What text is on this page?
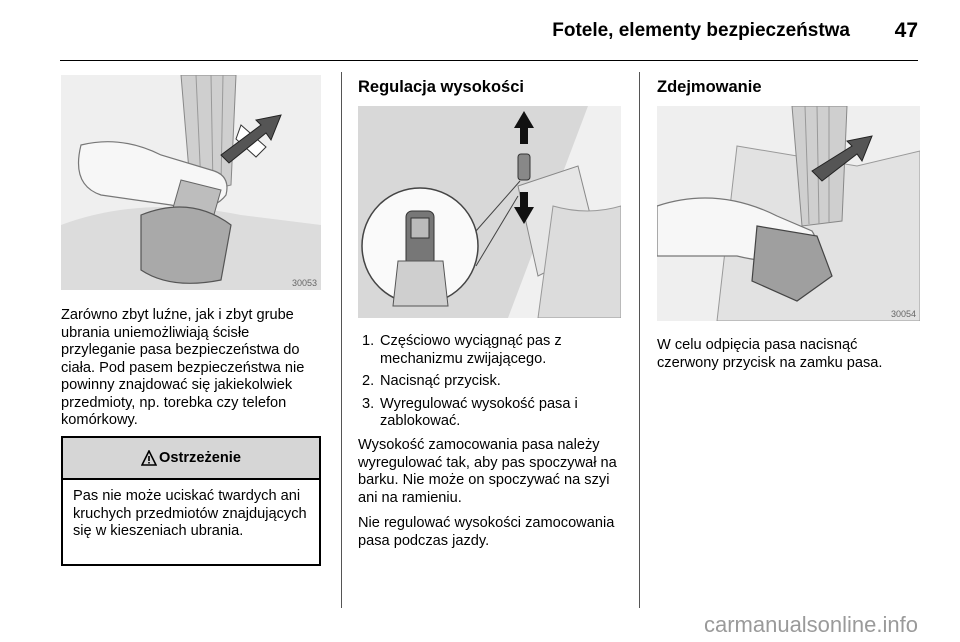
Fotele, elementy bezpieczeństwa 47
30053
Zarówno zbyt luźne, jak i zbyt grube ubrania uniemożliwiają ścisłe przyleganie pasa bezpieczeństwa do ciała. Pod pasem bezpieczeństwa nie powinny znajdować się jakiekolwiek przedmioty, np. torebka czy telefon komórkowy.
Ostrzeżenie
Pas nie może uciskać twardych ani kruchych przedmiotów znajdujących się w kieszeniach ubrania.
Regulacja wysokości
1. Częściowo wyciągnąć pas z mechanizmu zwijającego.
2. Nacisnąć przycisk.
3. Wyregulować wysokość pasa i zablokować.
Wysokość zamocowania pasa należy wyregulować tak, aby pas spoczywał na barku. Nie może on spoczywać na szyi ani na ramieniu.
Nie regulować wysokości zamocowania pasa podczas jazdy.
Zdejmowanie
30054
W celu odpięcia pasa nacisnąć czerwony przycisk na zamku pasa.
carmanualsonline.info
